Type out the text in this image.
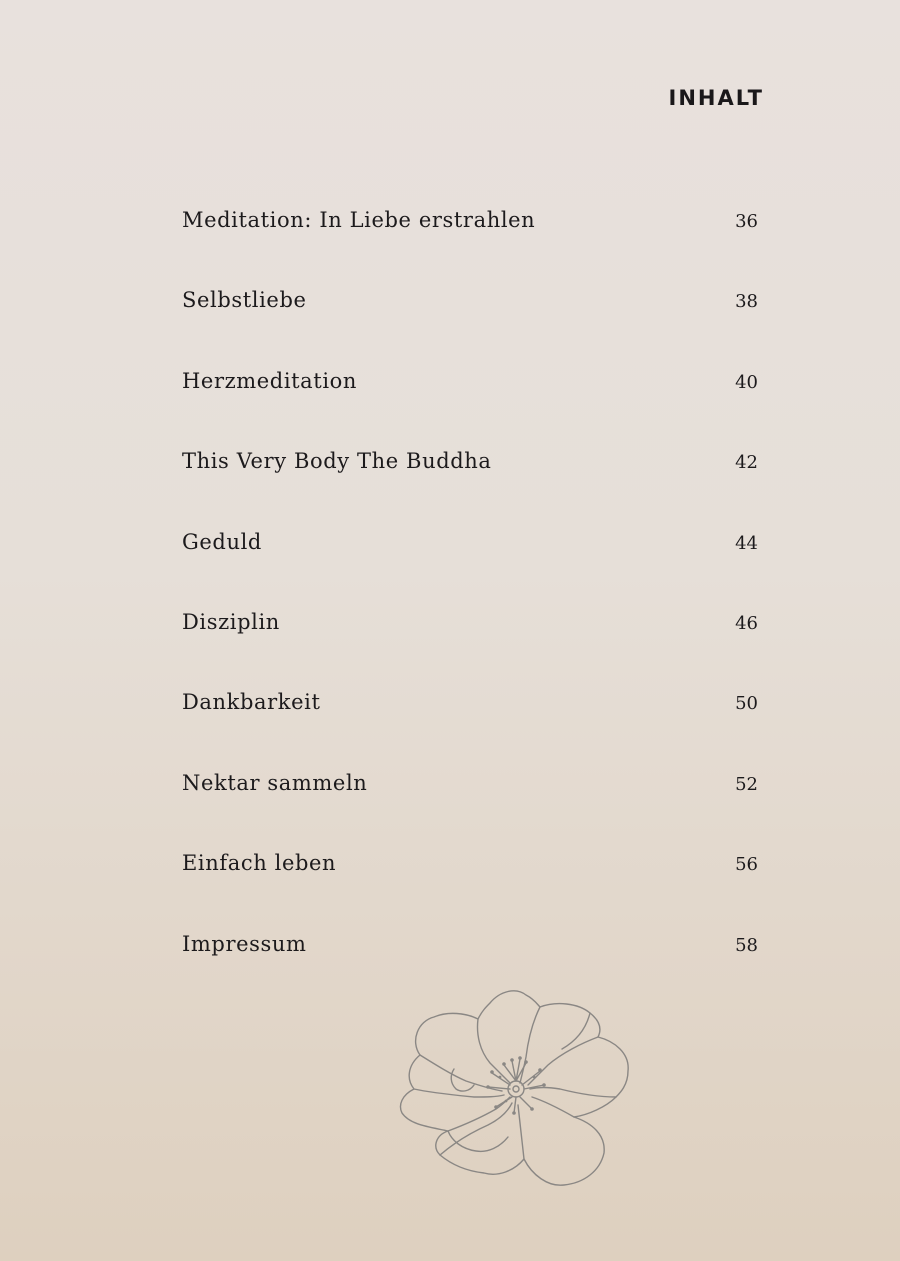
INHALT
Meditation: In Liebe erstrahlen	36
Selbstliebe	38
Herzmeditation	40
This Very Body The Buddha	42
Geduld	44
Disziplin	46
Dankbarkeit	50
Nektar sammeln	52
Einfach leben	56
Impressum	58
